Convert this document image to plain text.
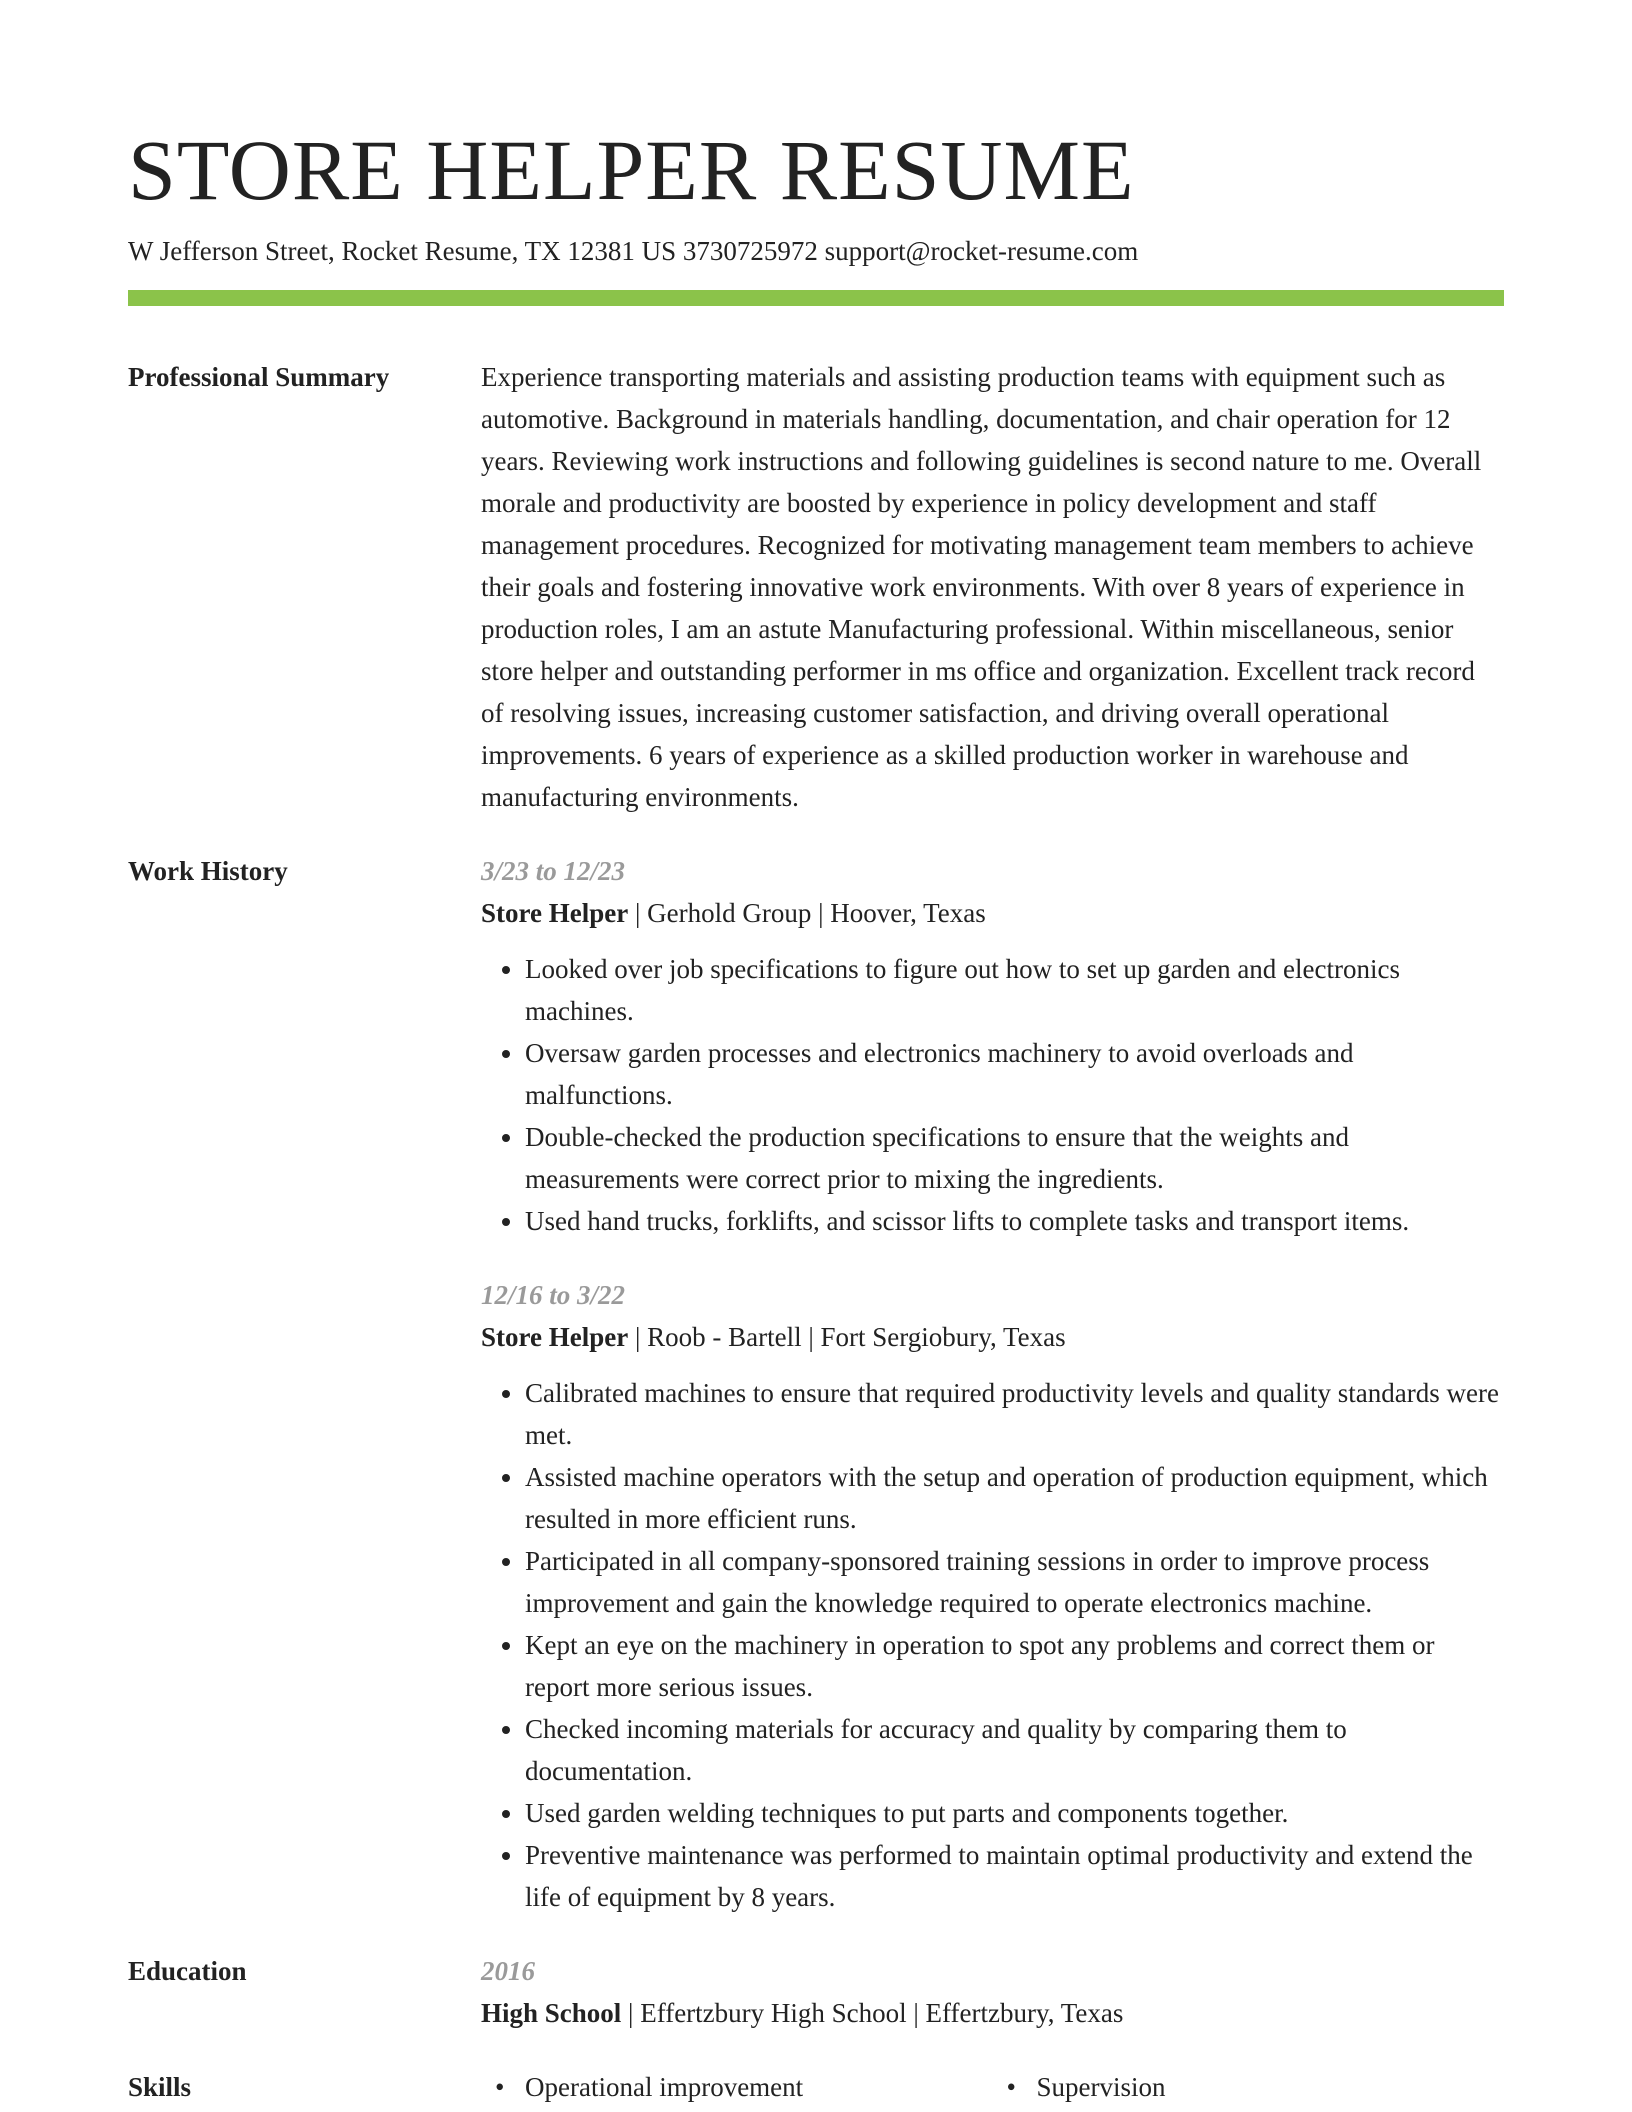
STORE HELPER RESUME
W Jefferson Street, Rocket Resume, TX 12381 US 3730725972 support@rocket-resume.com
Professional Summary	Experience transporting materials and assisting production teams with equipment such as automotive. Background in materials handling, documentation, and chair operation for 12 years. Reviewing work instructions and following guidelines is second nature to me. Overall morale and productivity are boosted by experience in policy development and staff management procedures. Recognized for motivating management team members to achieve their goals and fostering innovative work environments. With over 8 years of experience in production roles, I am an astute Manufacturing professional. Within miscellaneous, senior store helper and outstanding performer in ms office and organization. Excellent track record of resolving issues, increasing customer satisfaction, and driving overall operational improvements. 6 years of experience as a skilled production worker in warehouse and manufacturing environments.

Work History	3/23 to 12/23
Store Helper | Gerhold Group | Hoover, Texas
• Looked over job specifications to figure out how to set up garden and electronics machines.
• Oversaw garden processes and electronics machinery to avoid overloads and malfunctions.
• Double-checked the production specifications to ensure that the weights and measurements were correct prior to mixing the ingredients.
• Used hand trucks, forklifts, and scissor lifts to complete tasks and transport items.
12/16 to 3/22
Store Helper | Roob - Bartell | Fort Sergiobury, Texas
• Calibrated machines to ensure that required productivity levels and quality standards were met.
• Assisted machine operators with the setup and operation of production equipment, which resulted in more efficient runs.
• Participated in all company-sponsored training sessions in order to improve process improvement and gain the knowledge required to operate electronics machine.
• Kept an eye on the machinery in operation to spot any problems and correct them or report more serious issues.
• Checked incoming materials for accuracy and quality by comparing them to documentation.
• Used garden welding techniques to put parts and components together.
• Preventive maintenance was performed to maintain optimal productivity and extend the life of equipment by 8 years.
Education	2016
High School | Effertzbury High School | Effertzbury, Texas
Skills	• Operational improvement	• Supervision
